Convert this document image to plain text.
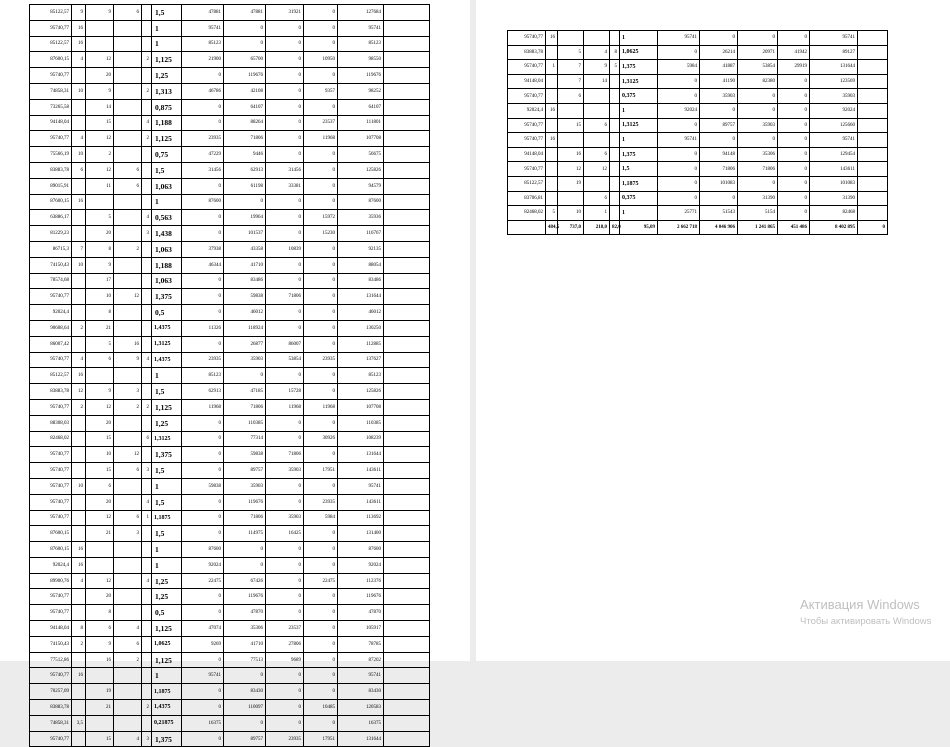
85122,57	9	9	6		1,5	47881	47881	31921	0	127684	
95740,77	16				1	95741	0	0	0	95741	
85122,57	16				1	85123	0	0	0	85123	
87600,15	4	12		2	1,125	21900	65700	0	10950	98550	
95740,77		20			1,25	0	119676	0	0	119676	
74858,31	10	9		2	1,313	46786	42108	0	9357	98252	
73265,58		14			0,875	0	64107	0	0	64107	
94148,04		15		4	1,188	0	88264	0	23537	111801	
95740,77	4	12		2	1,125	23935	71806	0	11968	107708	
75566,19	10	2			0,75	47229	9446	0	0	56675	
83883,78	6	12	6		1,5	31456	62913	31456	0	125826	
89015,91		11	6		1,063	0	61198	33381	0	94579	
87600,15	16				1	87600	0	0	0	87600	
63886,17		5		4	0,563	0	19964	0	15972	35936	
81229,23		20		3	1,438	0	101537	0	15230	116767	
86715,3	7	8	2		1,063	37938	43358	10839	0	92135	
74150,43	10	9			1,188	46344	41710	0	0	88054	
78574,68		17			1,063	0	83486	0	0	83486	
95740,77		10	12		1,375	0	59838	71806	0	131644	
92024,4		8			0,5	0	46012	0	0	46012	
90608,64	2	21			1,4375	11326	118924	0	0	130250	
86007,42		5	16		1,3125	0	26877	86007	0	112885	
95740,77	4	6	9	4	1,4375	23935	35903	53854	23935	137627	
85122,57	16				1	85123	0	0	0	85123	
83883,78	12	9	3		1,5	62913	47185	15728	0	125826	
95740,77	2	12	2	2	1,125	11968	71806	11968	11968	107708	
88308,03		20			1,25	0	110385	0	0	110385	
82468,02		15		6	1,3125	0	77314	0	30926	108239	
95740,77		10	12		1,375	0	59838	71806	0	131644	
95740,77		15	6	3	1,5	0	89757	35903	17951	143611	
95740,77	10	6			1	59838	35903	0	0	95741	
95740,77		20		4	1,5	0	119676	0	23935	143611	
95740,77		12	6	1	1,1875	0	71806	35903	5984	113692	
87600,15		21	3		1,5	0	114975	16425	0	131400	
87600,15	16				1	87600	0	0	0	87600	
92024,4	16				1	92024	0	0	0	92024	
89900,76	4	12		4	1,25	22475	67426	0	22475	112376	
95740,77		20			1,25	0	119676	0	0	119676	
95740,77		8			0,5	0	47870	0	0	47870	
94148,04	8	6	4		1,125	47074	35306	23537	0	105917	
74150,43	2	9	6		1,0625	9269	41710	27806	0	78785	
77512,86		16	2		1,125	0	77513	9689	0	87202	
95740,77	16				1	95741	0	0	0	95741	
70257,09		19			1,1875	0	83430	0	0	83430	
83883,78		21		2	1,4375	0	110097	0	10485	120583	
74858,31	3,5				0,21875	16375	0	0	0	16375	
95740,77		15	4	3	1,375	0	89757	23935	17951	131644	
95740,77	16				1	95741	0	0	0	95741	
83883,78		5	4	8	1,0625	0	26214	20971	41942	89127	
95740,77	1	7	9	5	1,375	5984	41887	53854	29919	131644	
94148,04		7	14		1,3125	0	41190	82380	0	123569	
95740,77		6			0,375	0	35903	0	0	35903	
92024,4	16				1	92024	0	0	0	92024	
95740,77		15	6		1,3125	0	89757	35903	0	125660	
95740,77	16				1	95741	0	0	0	95741	
94148,04		16	6		1,375	0	94148	35306	0	129454	
95740,77		12	12		1,5	0	71806	71806	0	143611	
85122,57		19			1,1875	0	101083	0	0	101083	
83706,81			6		0,375	0	0	31390	0	31390	
82468,02	5	10	1		1	25771	51543	5154	0	82468	
	484,5	737,0	218,0	82,0	95,09	2 662 718	4 046 906	1 241 865	451 486	8 402 895	0
Активация Windows
Чтобы активировать Windows
